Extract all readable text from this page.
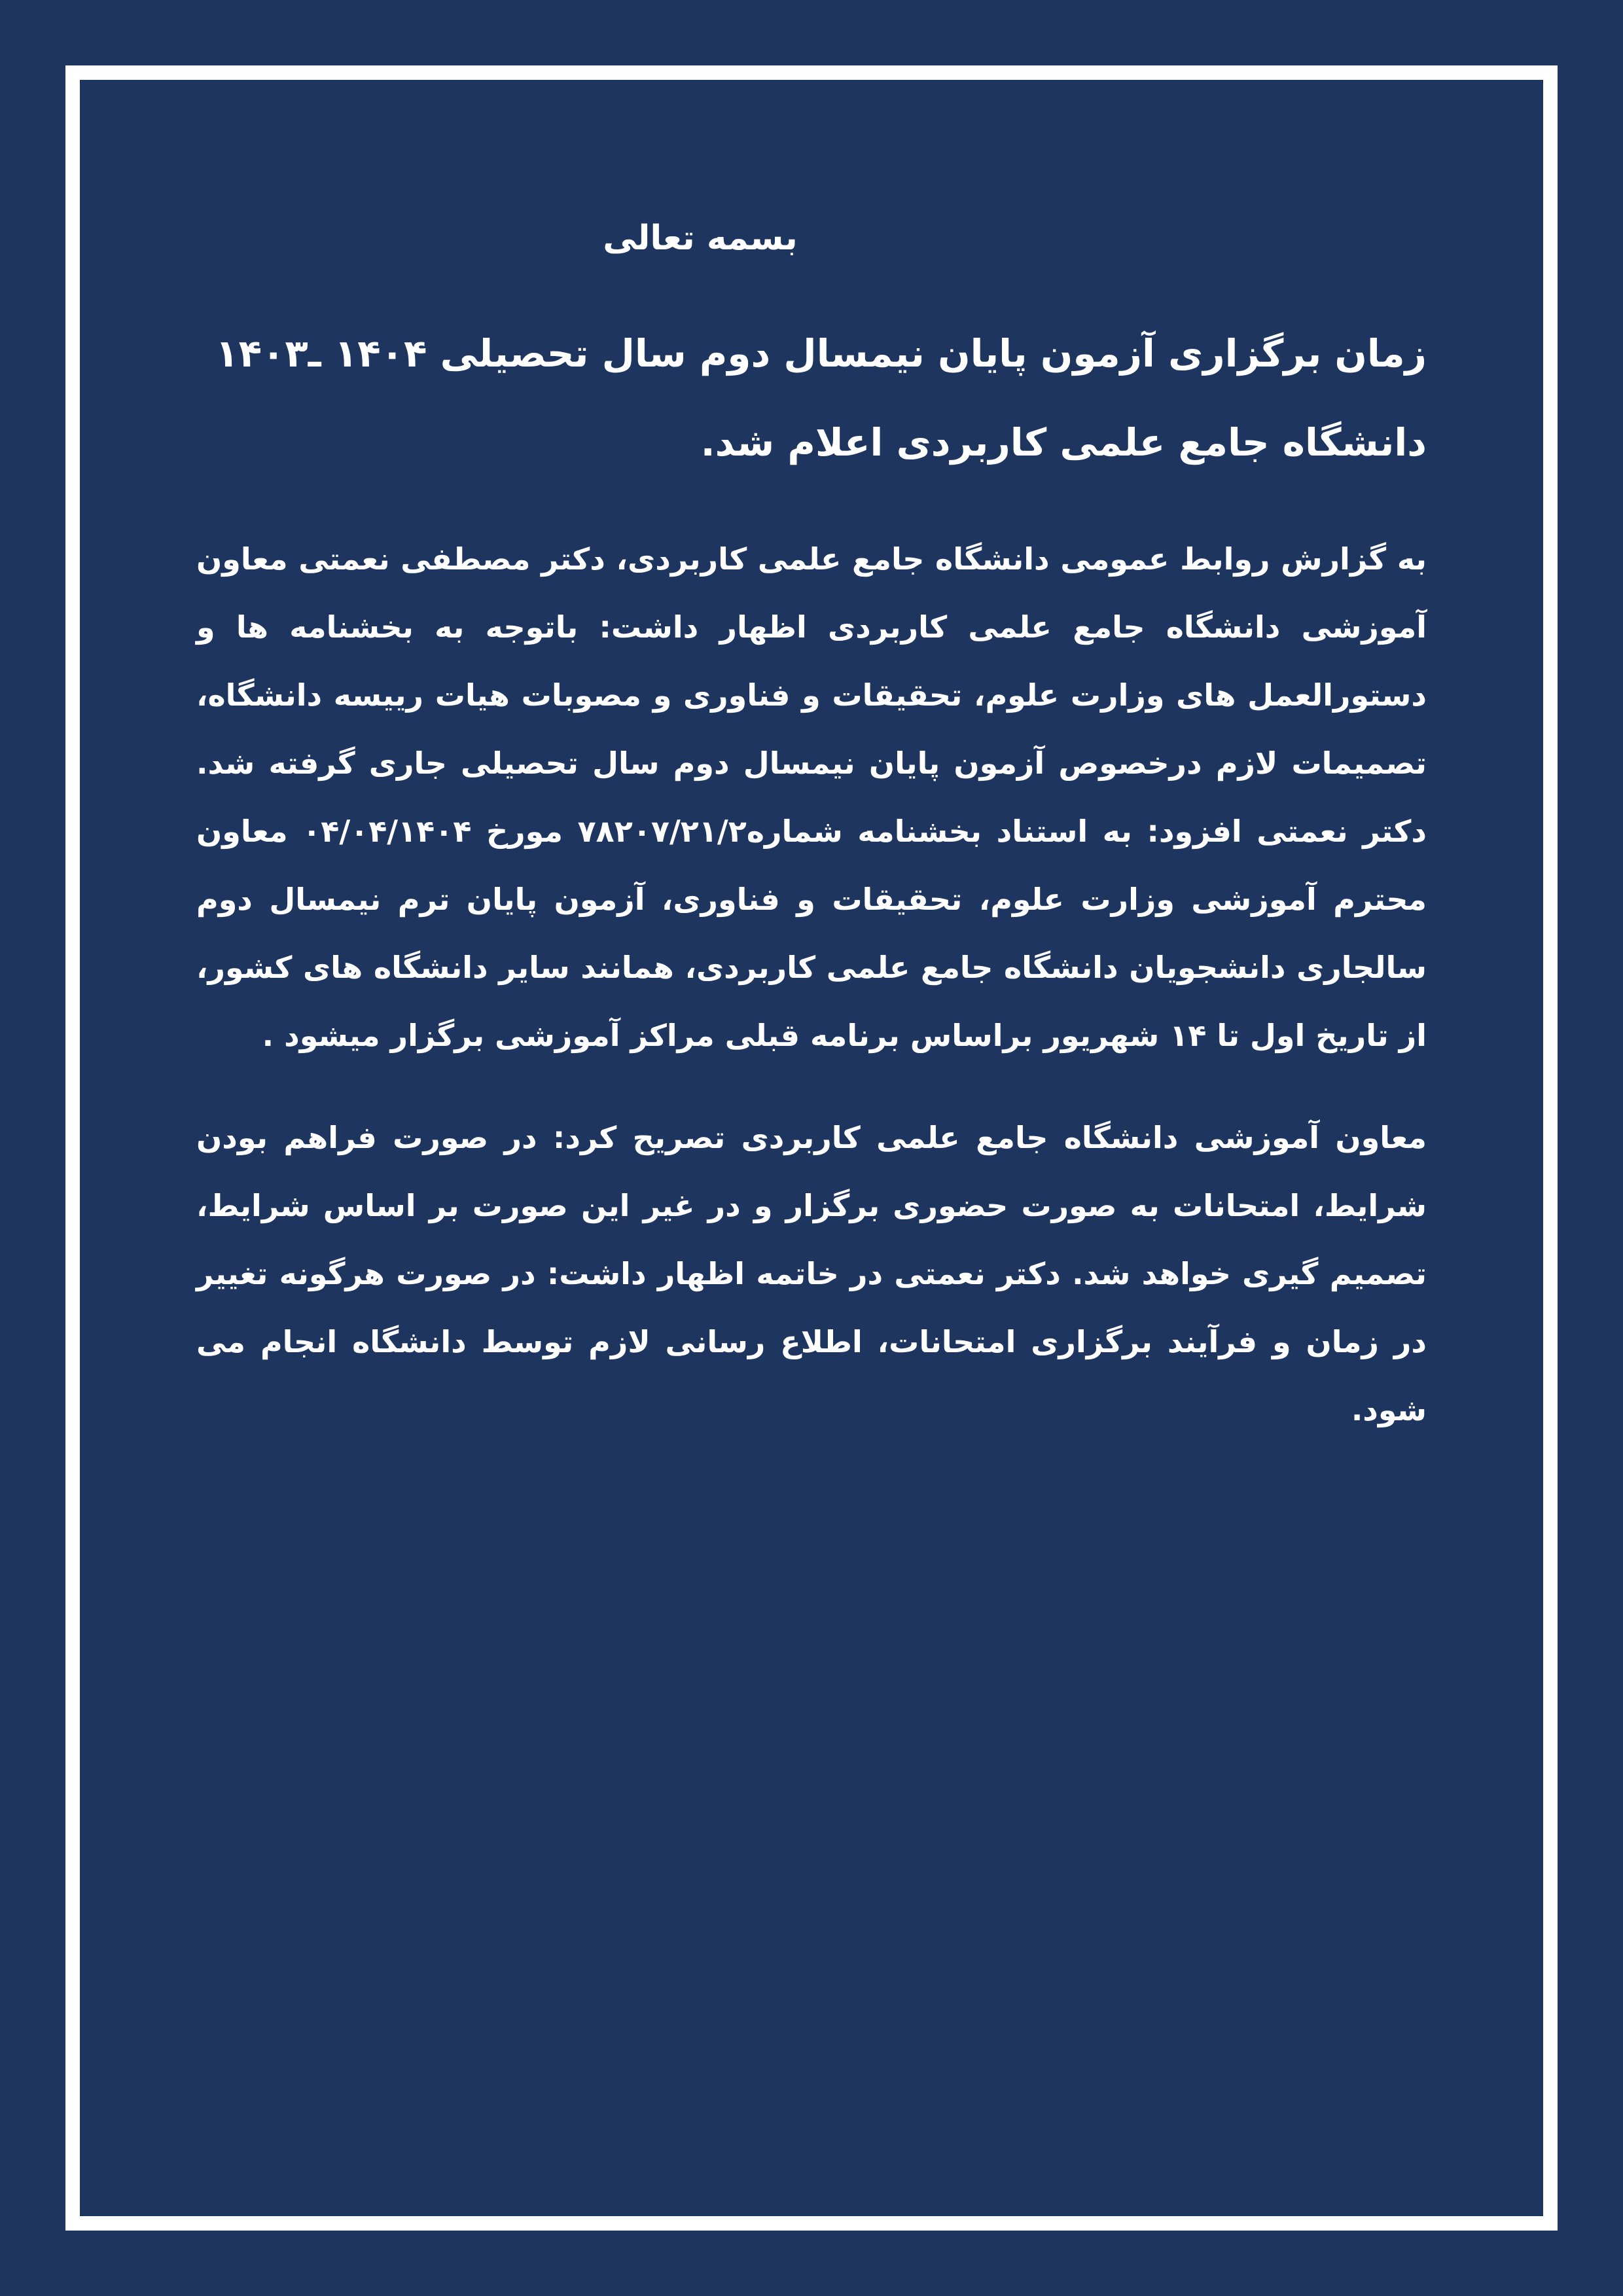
بسمه تعالی
زمان برگزاری آزمون پایان نیمسال دوم سال تحصیلی ۱۴۰۴ ـ۱۴۰۳ دانشگاه جامع علمی کاربردی اعلام شد.

به گزارش روابط عمومی دانشگاه جامع علمی کاربردی، دکتر مصطفی نعمتی معاون آموزشی دانشگاه جامع علمی کاربردی اظهار داشت: باتوجه به بخشنامه ها و دستورالعمل های وزارت علوم، تحقیقات و فناوری و مصوبات هیات رییسه دانشگاه، تصمیمات لازم درخصوص آزمون پایان نیمسال دوم سال تحصیلی جاری گرفته شد. دکتر نعمتی افزود: به استناد بخشنامه شماره۷۸۲۰۷/۲۱/۲ مورخ ۰۴/۰۴/۱۴۰۴ معاون محترم آموزشی وزارت علوم، تحقیقات و فناوری، آزمون پایان ترم نیمسال دوم سالجاری دانشجویان دانشگاه جامع علمی کاربردی، همانند سایر دانشگاه های کشور، از تاریخ اول تا ۱۴ شهریور براساس برنامه قبلی مراکز آموزشی برگزار میشود .

معاون آموزشی دانشگاه جامع علمی کاربردی تصریح کرد: در صورت فراهم بودن شرایط، امتحانات به صورت حضوری برگزار و در غیر این صورت بر اساس شرایط، تصمیم گیری خواهد شد. دکتر نعمتی در خاتمه اظهار داشت: در صورت هرگونه تغییر در زمان و فرآیند برگزاری امتحانات، اطلاع رسانی لازم توسط دانشگاه انجام می شود.
